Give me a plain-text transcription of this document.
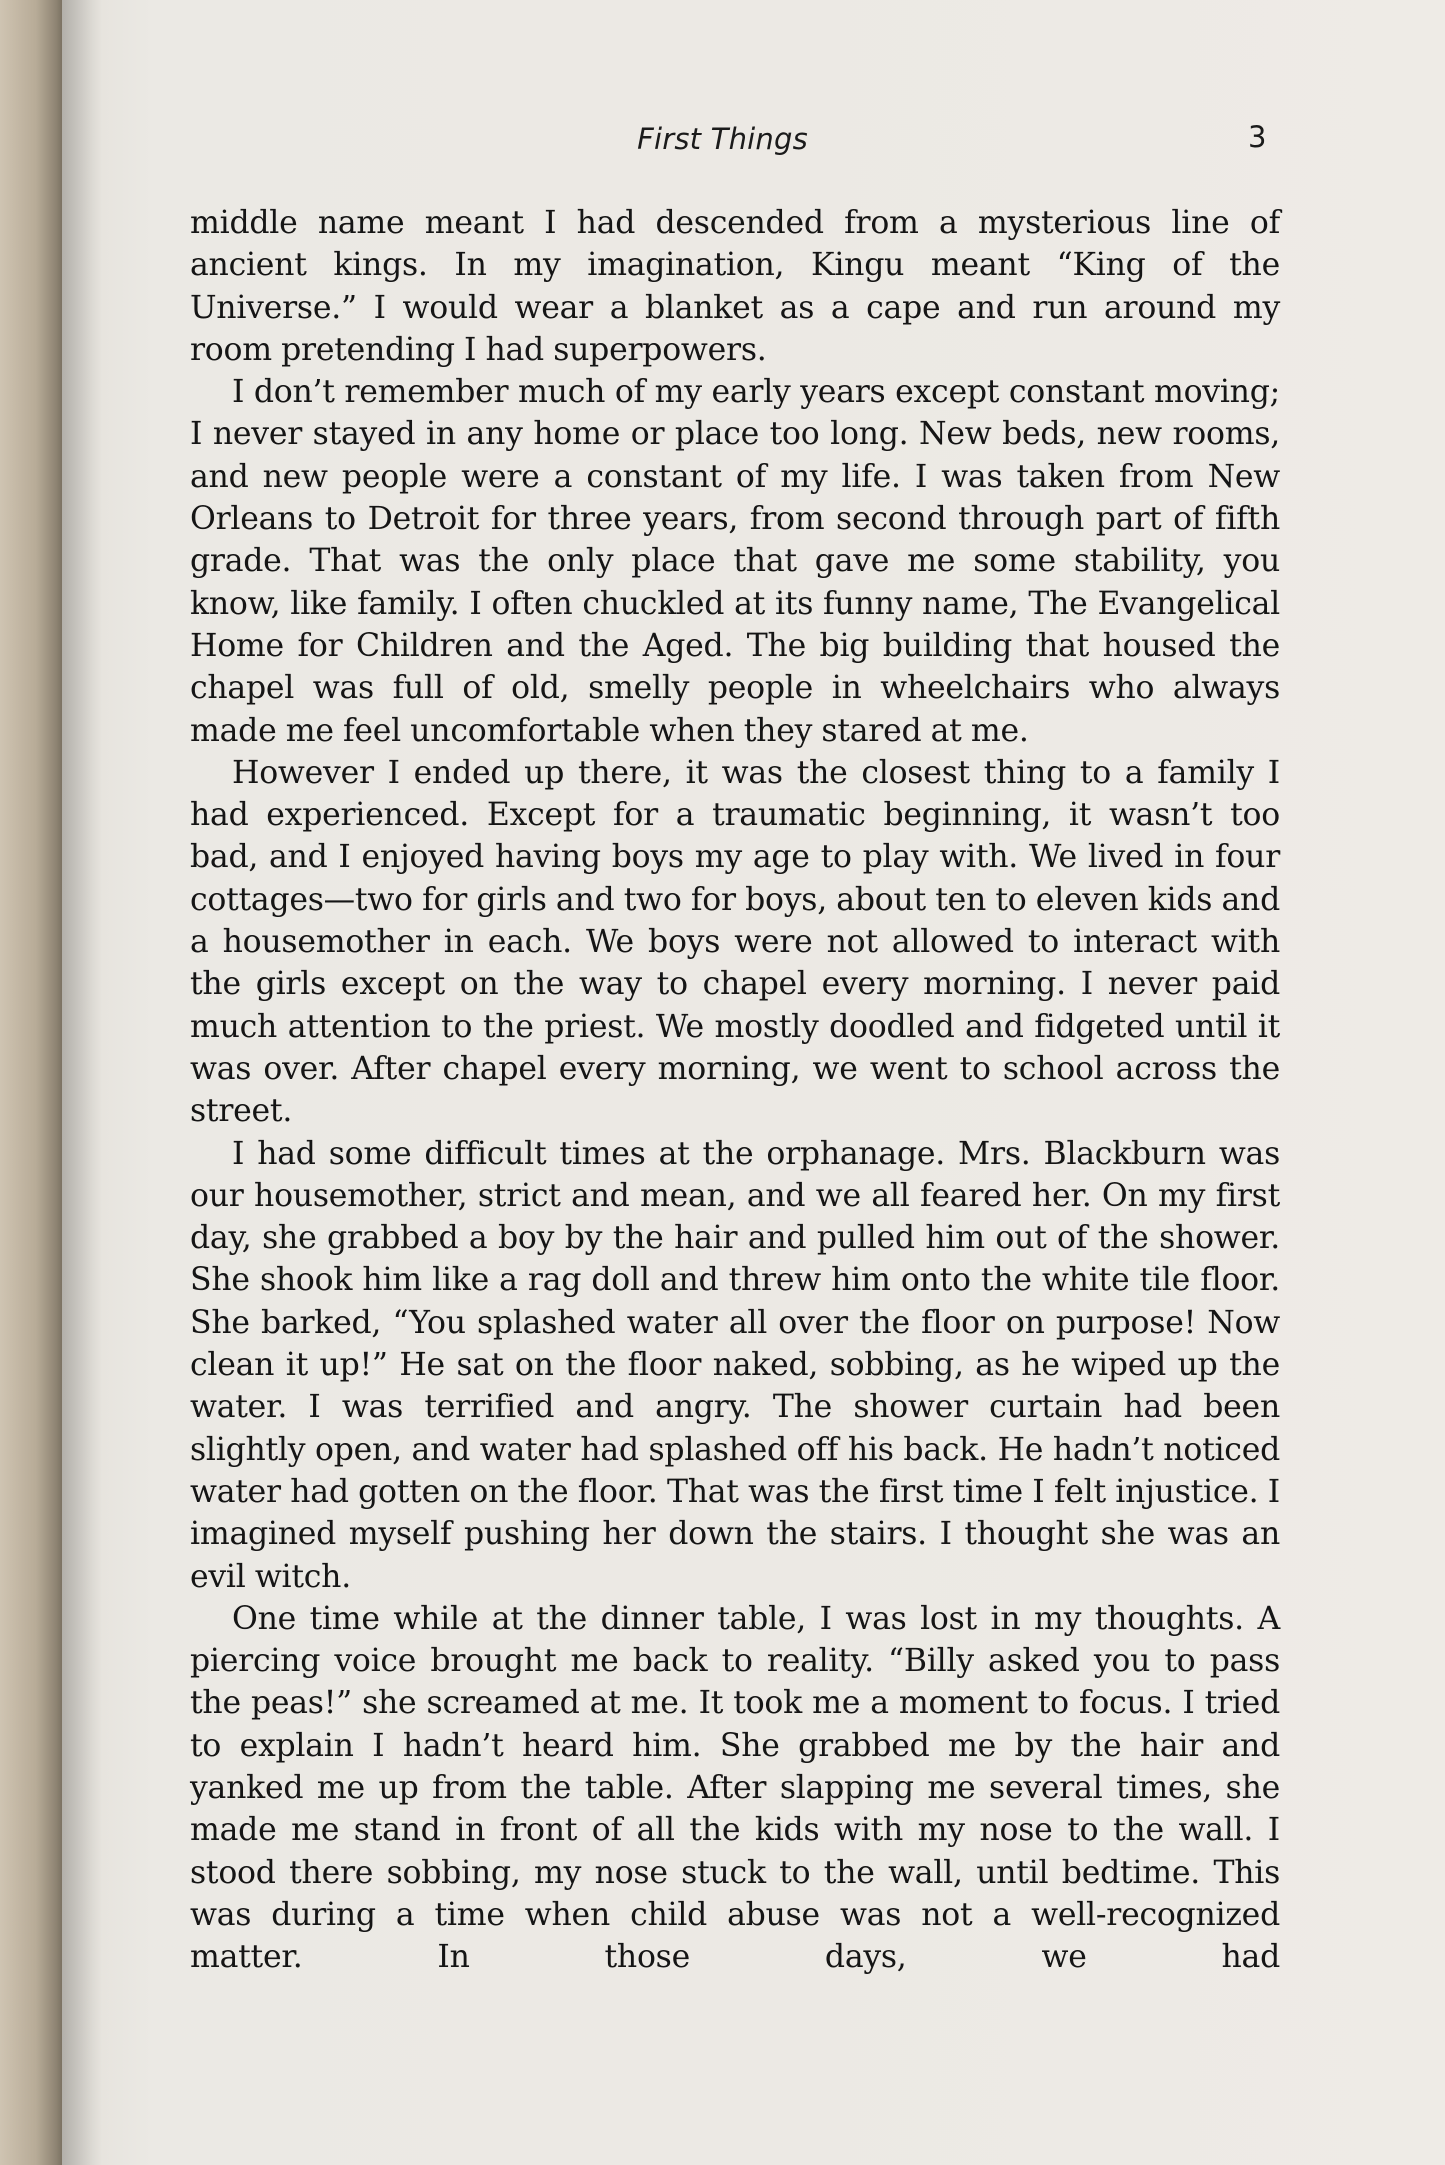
First Things	3

middle name meant I had descended from a mysterious line of ancient kings. In my imagination, Kingu meant “King of the Universe.” I would wear a blanket as a cape and run around my room pretending I had superpowers.

I don’t remember much of my early years except constant moving; I never stayed in any home or place too long. New beds, new rooms, and new people were a constant of my life. I was taken from New Orleans to Detroit for three years, from second through part of fifth grade. That was the only place that gave me some stability, you know, like family. I often chuckled at its funny name, The Evangelical Home for Children and the Aged. The big building that housed the chapel was full of old, smelly people in wheelchairs who always made me feel uncomfortable when they stared at me.

However I ended up there, it was the closest thing to a family I had experienced. Except for a traumatic beginning, it wasn’t too bad, and I enjoyed having boys my age to play with. We lived in four cottages—two for girls and two for boys, about ten to eleven kids and a housemother in each. We boys were not allowed to interact with the girls except on the way to chapel every morning. I never paid much attention to the priest. We mostly doodled and fidgeted until it was over. After chapel every morning, we went to school across the street.

I had some difficult times at the orphanage. Mrs. Blackburn was our housemother, strict and mean, and we all feared her. On my first day, she grabbed a boy by the hair and pulled him out of the shower. She shook him like a rag doll and threw him onto the white tile floor. She barked, “You splashed water all over the floor on purpose! Now clean it up!” He sat on the floor naked, sobbing, as he wiped up the water. I was terrified and angry. The shower curtain had been slightly open, and water had splashed off his back. He hadn’t noticed water had gotten on the floor. That was the first time I felt injustice. I imagined myself pushing her down the stairs. I thought she was an evil witch.

One time while at the dinner table, I was lost in my thoughts. A piercing voice brought me back to reality. “Billy asked you to pass the peas!” she screamed at me. It took me a moment to focus. I tried to explain I hadn’t heard him. She grabbed me by the hair and yanked me up from the table. After slapping me several times, she made me stand in front of all the kids with my nose to the wall. I stood there sobbing, my nose stuck to the wall, until bedtime. This was during a time when child abuse was not a well-recognized matter. In those days, we had
